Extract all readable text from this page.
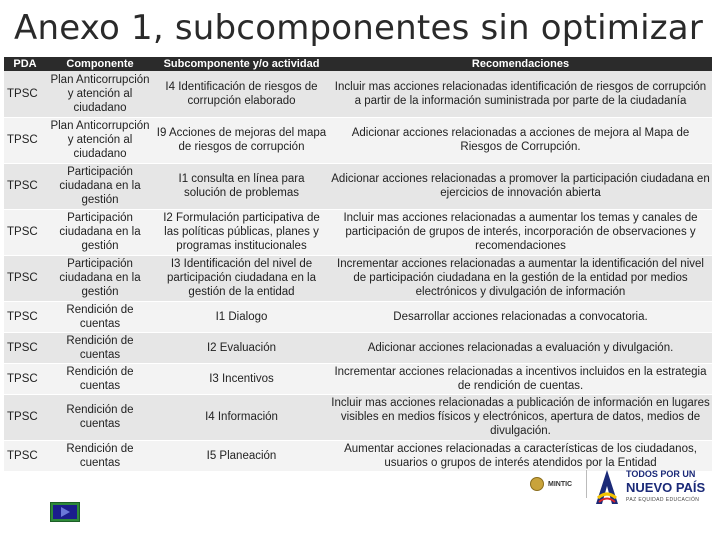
Anexo 1, subcomponentes sin optimizar
PDA	Componente	Subcomponente y/o actividad	Recomendaciones
TPSC	Plan Anticorrupción y atención al ciudadano	I4 Identificación de riesgos de corrupción elaborado	Incluir mas acciones relacionadas identificación de riesgos de corrupción a partir de la información suministrada por parte de la ciudadanía
TPSC	Plan Anticorrupción y atención al ciudadano	I9 Acciones de mejoras del mapa de riesgos de corrupción	Adicionar acciones relacionadas a acciones de mejora al Mapa de Riesgos de Corrupción.
TPSC	Participación ciudadana en la gestión	I1 consulta en línea para solución de problemas	Adicionar acciones relacionadas a promover la participación ciudadana en ejercicios de innovación abierta
TPSC	Participación ciudadana en la gestión	I2 Formulación participativa de las políticas públicas, planes y programas institucionales	Incluir mas acciones relacionadas a aumentar los temas y canales de participación de grupos de interés, incorporación de observaciones y recomendaciones
TPSC	Participación ciudadana en la gestión	I3 Identificación del nivel de participación ciudadana en la gestión de la entidad	Incrementar acciones relacionadas a aumentar la identificación del nivel de participación ciudadana en la gestión de la entidad por medios electrónicos y divulgación de información
TPSC	Rendición de cuentas	I1 Dialogo	Desarrollar acciones relacionadas a convocatoria.
TPSC	Rendición de cuentas	I2 Evaluación	Adicionar acciones relacionadas a evaluación y divulgación.
TPSC	Rendición de cuentas	I3 Incentivos	Incrementar acciones relacionadas a incentivos incluidos en la estrategia de rendición de cuentas.
TPSC	Rendición de cuentas	I4 Información	Incluir mas acciones relacionadas a publicación de información en lugares visibles en medios físicos y electrónicos, apertura de datos, medios de divulgación.
TPSC	Rendición de cuentas	I5 Planeación	Aumentar acciones relacionadas a características de los ciudadanos, usuarios o grupos de interés atendidos por la Entidad
MINTIC
TODOS POR UN
NUEVO PAÍS
PAZ EQUIDAD EDUCACIÓN
